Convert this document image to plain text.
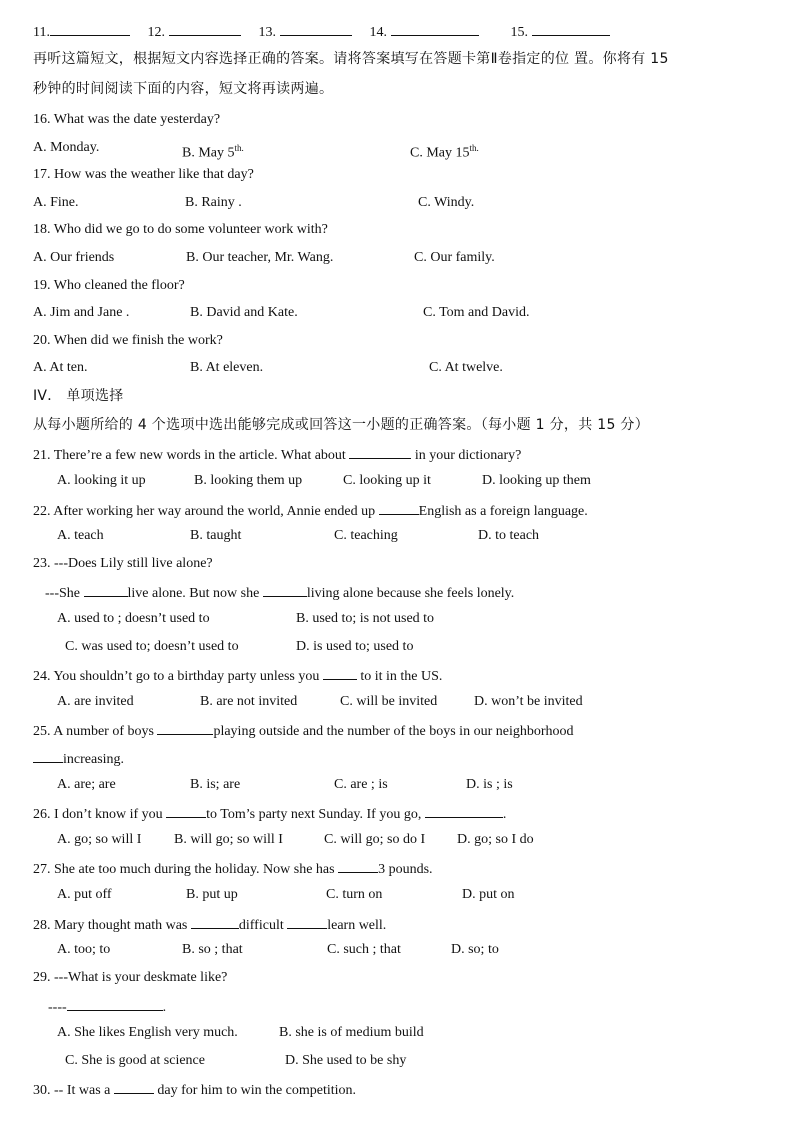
11.	12.	13.	14.	15.
再听这篇短文，根据短文内容选择正确的答案。请将答案填写在答题卡第Ⅱ卷指定的位 置。你将有 15
秒钟的时间阅读下面的内容，短文将再读两遍。
16. What was the date yesterday?
A. Monday.	B. May $5^{th.}$	C. May $15^{th.}$
17. How was the weather like that day?
A. Fine.	B. Rainy .	C. Windy.
18. Who did we go to do some volunteer work with?
A. Our friends	B. Our teacher, Mr. Wang.	C. Our family.
19. Who cleaned the floor?
A. Jim and Jane .	B. David and Kate.	C. Tom and David.
20. When did we finish the work?
A. At ten.	B. At eleven.	C. At twelve.
IV． 单项选择
从每小题所给的 4 个选项中选出能够完成或回答这一小题的正确答案。（每小题 1 分，共 15 分）
21. There’re a few new words in the article. What about	in your dictionary?
A. looking it up	B. looking them up	C. looking up it	D. looking up them
22. After working her way around the world, Annie ended up	English as a foreign language.
A. teach	B. taught	C. teaching	D. to teach
23. ---Does Lily still live alone?
---She	live alone. But now she	living alone because she feels lonely.
A. used to ; doesn’t used to	B. used to; is not used to
C. was used to; doesn’t used to	D. is used to; used to
24. You shouldn’t go to a birthday party unless you  to it in the US.
A. are invited	B. are not invited	C. will be invited	D. won’t be invited
25. A number of boys	playing outside and the number of the boys in our neighborhood
increasing.
A. are; are	B. is; are	C. are ; is	D. is ; is
26. I don’t know if you	to Tom’s party next Sunday. If you go,	.
A. go; so will I B. will go; so will I	C. will go; so do I D. go; so I do
27. She ate too much during the holiday. Now she has	3 pounds.
A. put off	B. put up	C. turn on	D. put on
28. Mary thought math was	difficult	learn well.
A. too; to	B. so ; that	C. such ; that	D. so; to
29. ---What is your deskmate like?
----	.
A. She likes English very much.	B. she is of medium build
C. She is good at science	D. She used to be shy
30. -- It was a	day for him to win the competition.
